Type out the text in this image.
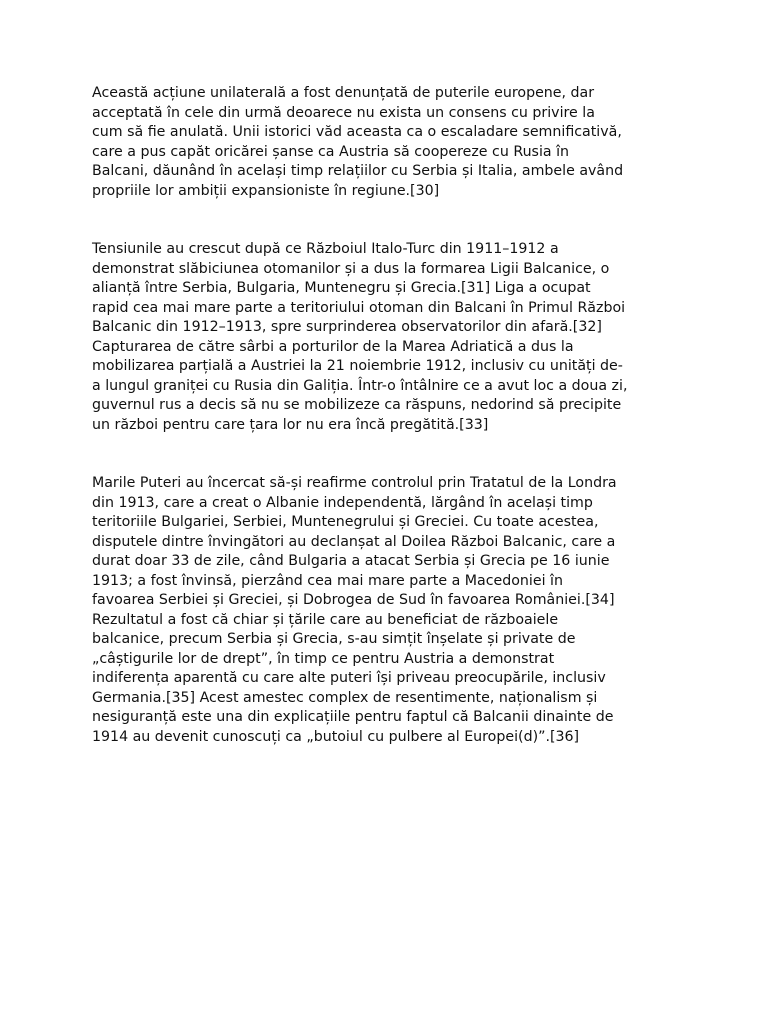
Această acțiune unilaterală a fost denunțată de puterile europene, dar
acceptată în cele din urmă deoarece nu exista un consens cu privire la
cum să fie anulată. Unii istorici văd aceasta ca o escaladare semnificativă,
care a pus capăt oricărei șanse ca Austria să coopereze cu Rusia în
Balcani, dăunând în același timp relațiilor cu Serbia și Italia, ambele având
propriile lor ambiții expansioniste în regiune.[30]

Tensiunile au crescut după ce Războiul Italo-Turc din 1911–1912 a
demonstrat slăbiciunea otomanilor și a dus la formarea Ligii Balcanice, o
alianță între Serbia, Bulgaria, Muntenegru și Grecia.[31] Liga a ocupat
rapid cea mai mare parte a teritoriului otoman din Balcani în Primul Război
Balcanic din 1912–1913, spre surprinderea observatorilor din afară.[32]
Capturarea de către sârbi a porturilor de la Marea Adriatică a dus la
mobilizarea parțială a Austriei la 21 noiembrie 1912, inclusiv cu unități de-
a lungul graniței cu Rusia din Galiția. Într-o întâlnire ce a avut loc a doua zi,
guvernul rus a decis să nu se mobilizeze ca răspuns, nedorind să precipite
un război pentru care țara lor nu era încă pregătită.[33]

Marile Puteri au încercat să-și reafirme controlul prin Tratatul de la Londra
din 1913, care a creat o Albanie independentă, lărgând în același timp
teritoriile Bulgariei, Serbiei, Muntenegrului și Greciei. Cu toate acestea,
disputele dintre învingători au declanșat al Doilea Război Balcanic, care a
durat doar 33 de zile, când Bulgaria a atacat Serbia și Grecia pe 16 iunie
1913; a fost învinsă, pierzând cea mai mare parte a Macedoniei în
favoarea Serbiei și Greciei, și Dobrogea de Sud în favoarea României.[34]
Rezultatul a fost că chiar și țările care au beneficiat de războaiele
balcanice, precum Serbia și Grecia, s-au simțit înșelate și private de
„câștigurile lor de drept”, în timp ce pentru Austria a demonstrat
indiferența aparentă cu care alte puteri își priveau preocupările, inclusiv
Germania.[35] Acest amestec complex de resentimente, naționalism și
nesiguranță este una din explicațiile pentru faptul că Balcanii dinainte de
1914 au devenit cunoscuți ca „butoiul cu pulbere al Europei(d)”.[36]
